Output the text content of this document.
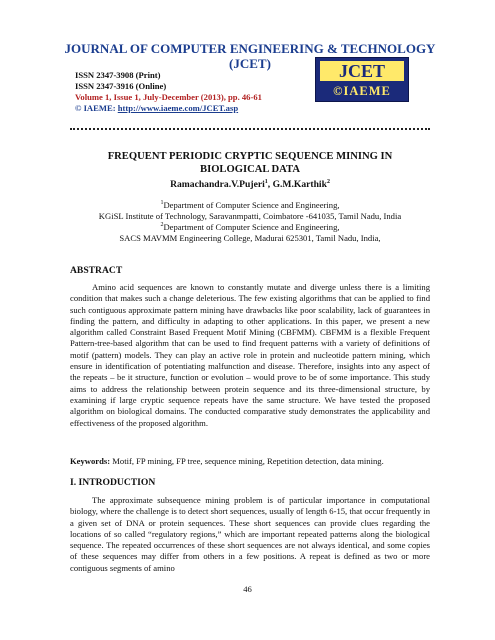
JOURNAL OF COMPUTER ENGINEERING & TECHNOLOGY
(JCET)
ISSN 2347-3908 (Print)
ISSN 2347-3916 (Online)
Volume 1, Issue 1, July-December (2013), pp. 46-61
© IAEME: http://www.iaeme.com/JCET.asp
JCET
©IAEME
FREQUENT PERIODIC CRYPTIC SEQUENCE MINING IN
BIOLOGICAL DATA
Ramachandra.V.Pujeri$^1$, G.M.Karthik$^2$

$^1$Department of Computer Science and Engineering,

KGiSL Institute of Technology, Saravanmpatti, Coimbatore -641035, Tamil Nadu, India

$^2$Department of Computer Science and Engineering,

SACS MAVMM Engineering College, Madurai 625301, Tamil Nadu, India,

ABSTRACT

Amino acid sequences are known to constantly mutate and diverge unless there is a limiting condition that makes such a change deleterious. The few existing algorithms that can be applied to find such contiguous approximate pattern mining have drawbacks like poor scalability, lack of guarantees in finding the pattern, and difficulty in adapting to other applications. In this paper, we present a new algorithm called Constraint Based Frequent Motif Mining (CBFMM). CBFMM is a flexible Frequent Pattern-tree-based algorithm that can be used to find frequent patterns with a variety of definitions of motif (pattern) models. They can play an active role in protein and nucleotide pattern mining, which ensure in identification of potentiating malfunction and disease. Therefore, insights into any aspect of the repeats – be it structure, function or evolution – would prove to be of some importance. This study aims to address the relationship between protein sequence and its three-dimensional structure, by examining if large cryptic sequence repeats have the same structure. We have tested the proposed algorithm on biological domains. The conducted comparative study demonstrates the applicability and effectiveness of the proposed algorithm.

Keywords: Motif, FP mining, FP tree, sequence mining, Repetition detection, data mining.
I. INTRODUCTION

The approximate subsequence mining problem is of particular importance in computational biology, where the challenge is to detect short sequences, usually of length 6-15, that occur frequently in a given set of DNA or protein sequences. These short sequences can provide clues regarding the locations of so called “regulatory regions,” which are important repeated patterns along the biological sequence. The repeated occurrences of these short sequences are not always identical, and some copies of these sequences may differ from others in a few positions. A repeat is defined as two or more contiguous segments of amino

46
